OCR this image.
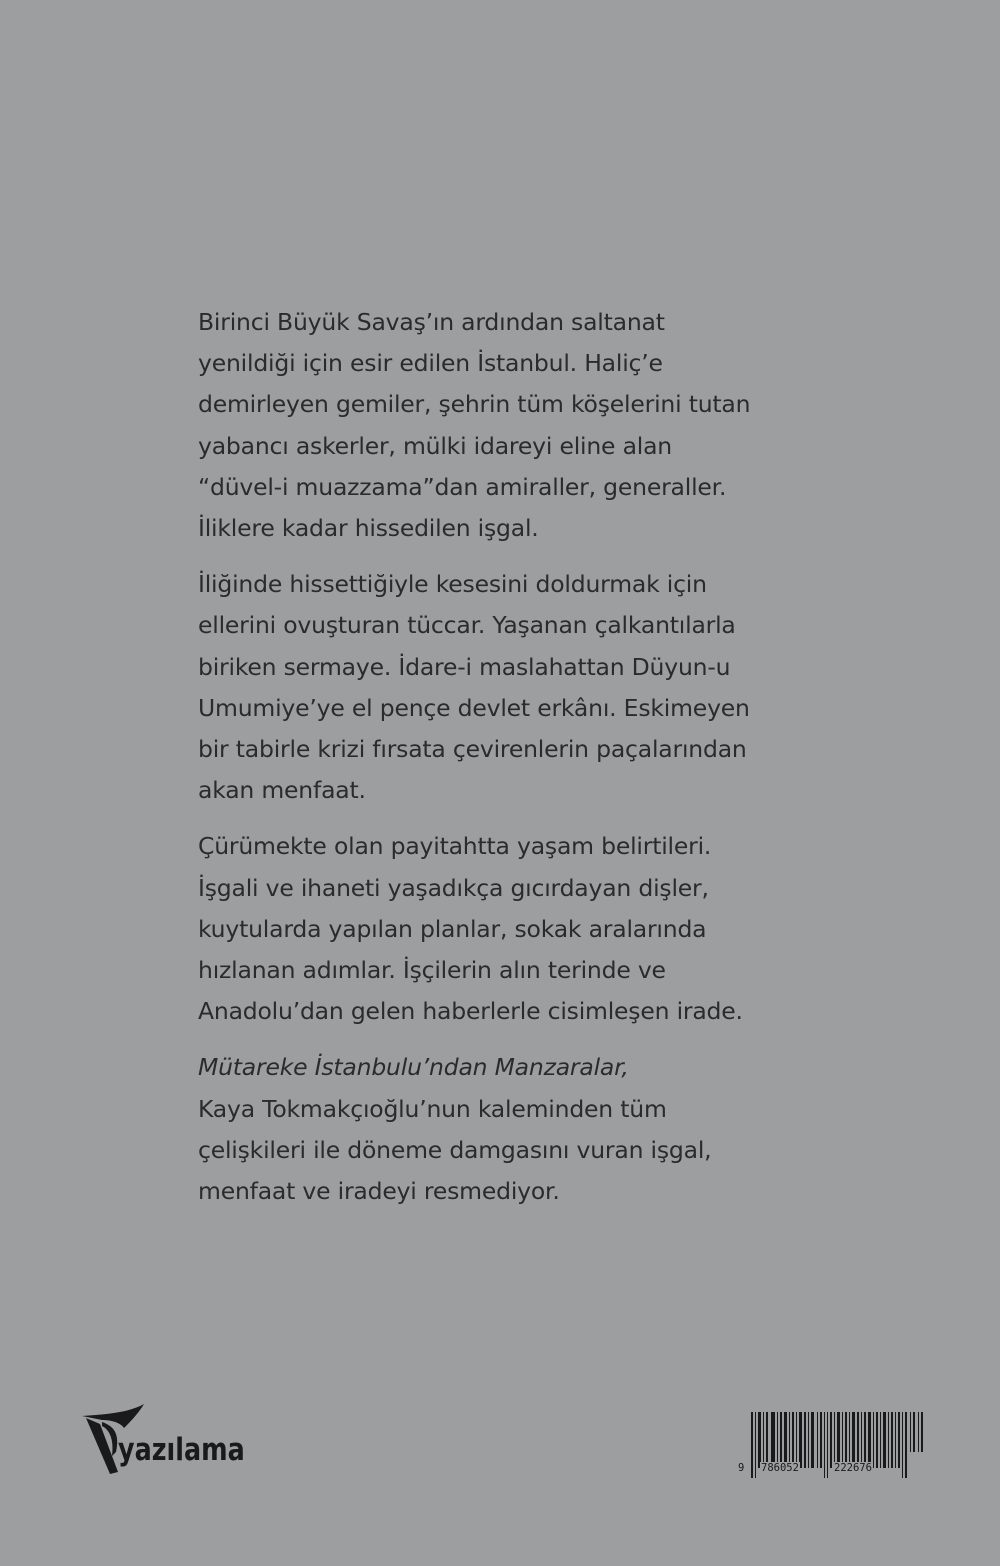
Birinci Büyük Savaş’ın ardından saltanat
yenildiği için esir edilen İstanbul. Haliç’e
demirleyen gemiler, şehrin tüm köşelerini tutan
yabancı askerler, mülki idareyi eline alan
“düvel-i muazzama”dan amiraller, generaller.
İliklere kadar hissedilen işgal.

İliğinde hissettiğiyle kesesini doldurmak için
ellerini ovuşturan tüccar. Yaşanan çalkantılarla
biriken sermaye. İdare-i maslahattan Düyun-u
Umumiye’ye el pençe devlet erkânı. Eskimeyen
bir tabirle krizi fırsata çevirenlerin paçalarından
akan menfaat.

Çürümekte olan payitahtta yaşam belirtileri.
İşgali ve ihaneti yaşadıkça gıcırdayan dişler,
kuytularda yapılan planlar, sokak aralarında
hızlanan adımlar. İşçilerin alın terinde ve
Anadolu’dan gelen haberlerle cisimleşen irade.

Mütareke İstanbulu’ndan Manzaralar,
Kaya Tokmakçıoğlu’nun kaleminden tüm
çelişkileri ile döneme damgasını vuran işgal,
menfaat ve iradeyi resmediyor.

yazılama	9 786052	222676
